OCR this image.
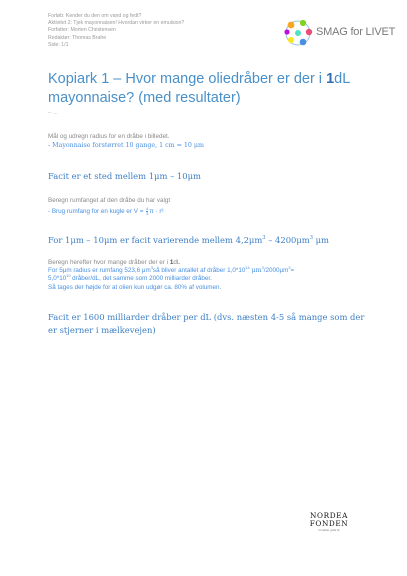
Forløb: Kender du den om vand og fedt?
Aktivitet 2: Tjek mayonnaisen! Hvordan virker en emulsion?
Forfatter: Morten Christensen
Redaktør: Thomas Brahe
Side: 1/1
SMAG for LIVET
Kopiark 1 – Hvor mange oliedråber er der i 1dL mayonnaise? (med resultater)
– ...
Mål og udregn radius for en dråbe i billedet.
- Mayonnaise forstørret 10 gange, 1 cm = 10 μm
Facit er et sted mellem 1μm – 10μm
Beregn rumfanget af den dråbe du har valgt
- Brug rumfang for en kugle er $V = \frac{4}{3}$ π · r³
For 1μm – 10μm er facit varierende mellem $4,2\mu m^3 - 4200\mu m^3$ μm
Beregn herefter hvor mange dråber der er i 1dL
For 5μm radius er rumfang 523,6 $\mu m^3så$ bliver antallet af dråber $1,0*10^{14}$ $\mu m^3/2000\mu m^3=$
$5,0*10^{10}$ dråber/dL, det samme som 2000 milliarder dråber.
Så tages der højde for at olien kun udgør ca. 80% af volumen.
Facit er 1600 milliarder dråber per dL (dvs. næsten 4-5 så mange som der er stjerner i mælkevejen)
NORDEA
FONDEN
Vi støtter gode liv
